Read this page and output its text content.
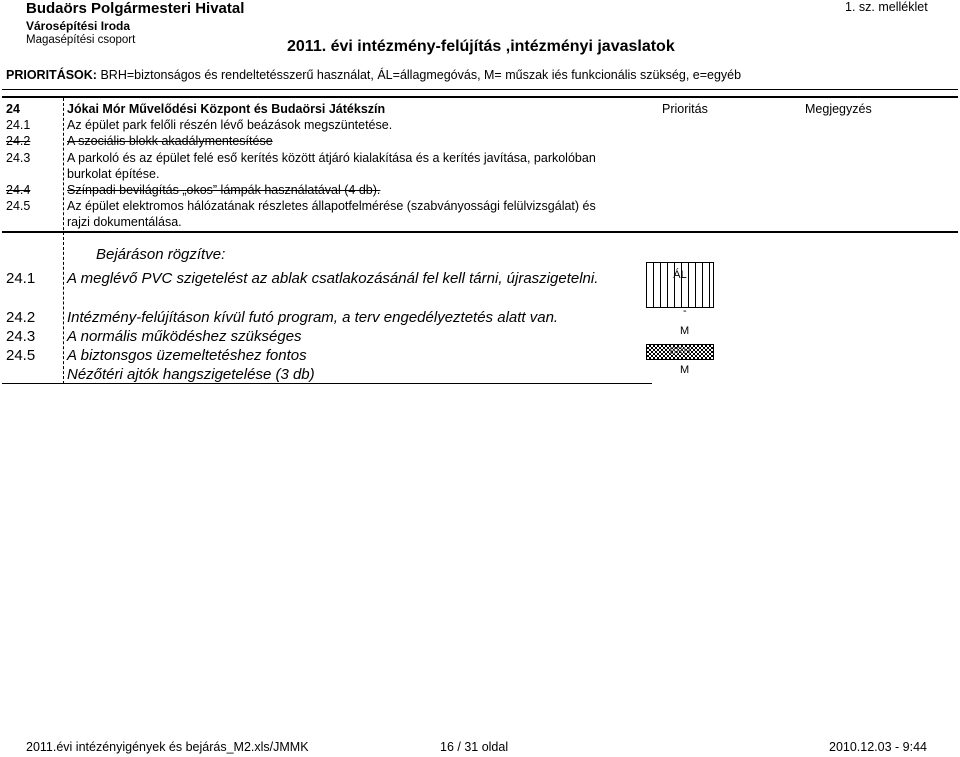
Budaörs Polgármesteri Hivatal
Városépítési Iroda
Magasépítési csoport
1. sz. melléklet
2011. évi intézmény-felújítás ,intézményi javaslatok
PRIORITÁSOK: BRH=biztonságos és rendeltetésszerű használat, ÁL=állagmegóvás, M= műszak iés funkcionális szükség, e=egyéb
24	Jókai Mór Művelődési Központ és Budaörsi Játékszín	Prioritás	Megjegyzés
24.1	Az épület park felőli részén lévő beázások megszüntetése.
24.2	A szociális blokk akadálymentesítése
24.3	A parkoló és az épület felé eső kerítés között átjáró kialakítása és a kerítés javítása, parkolóban
burkolat építése.
24.4	Színpadi bevilágítás „okos” lámpák használatával (4 db).
24.5	Az épület elektromos hálózatának részletes állapotfelmérése (szabványossági felülvizsgálat) és
rajzi dokumentálása.
Bejáráson rögzítve:
24.1 A meglévő PVC szigetelést az ablak csatlakozásánál fel kell tárni, újraszigetelni.	ÁL
24.2 Intézmény-felújításon kívül futó program, a terv engedélyeztetés alatt van.	-
24.3 A normális működéshez szükséges	M
24.5 A biztonsgos üzemeltetéshez fontos	BRH
Nézőtéri ajtók hangszigetelése (3 db)	M
2011.évi intézényigények és bejárás_M2.xls/JMMK	16 / 31 oldal	2010.12.03 - 9:44
